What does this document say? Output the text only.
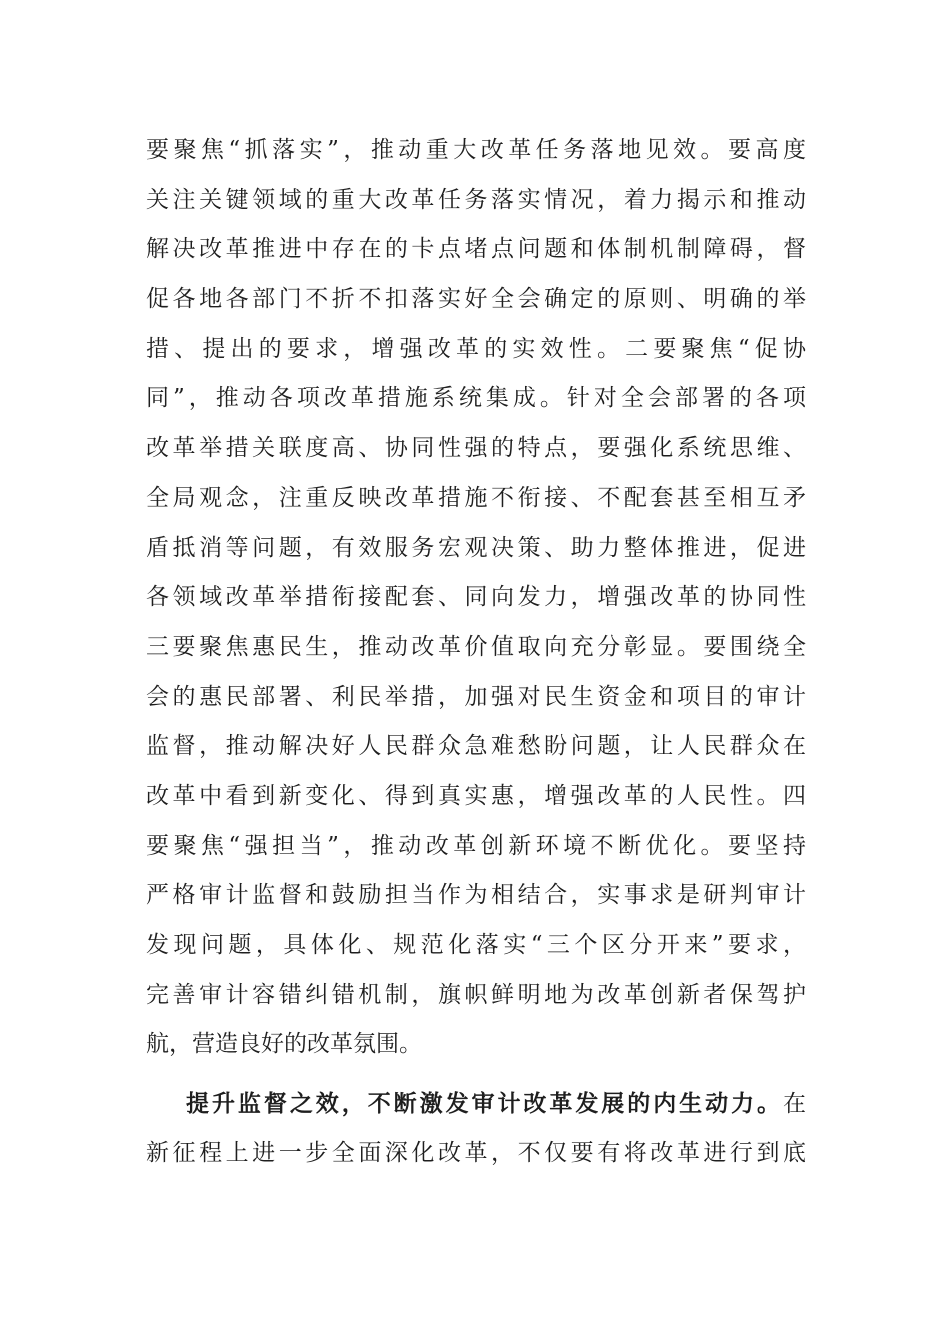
要聚焦“抓落实”，推动重大改革任务落地见效。要高度
关注关键领域的重大改革任务落实情况，着力揭示和推动
解决改革推进中存在的卡点堵点问题和体制机制障碍，督
促各地各部门不折不扣落实好全会确定的原则、明确的举
措、提出的要求，增强改革的实效性。二要聚焦“促协
同”，推动各项改革措施系统集成。针对全会部署的各项
改革举措关联度高、协同性强的特点，要强化系统思维、
全局观念，注重反映改革措施不衔接、不配套甚至相互矛
盾抵消等问题，有效服务宏观决策、助力整体推进，促进
各领域改革举措衔接配套、同向发力，增强改革的协同性
三要聚焦惠民生，推动改革价值取向充分彰显。要围绕全
会的惠民部署、利民举措，加强对民生资金和项目的审计
监督，推动解决好人民群众急难愁盼问题，让人民群众在
改革中看到新变化、得到真实惠，增强改革的人民性。四
要聚焦“强担当”，推动改革创新环境不断优化。要坚持
严格审计监督和鼓励担当作为相结合，实事求是研判审计
发现问题，具体化、规范化落实“三个区分开来”要求，
完善审计容错纠错机制，旗帜鲜明地为改革创新者保驾护
航，营造良好的改革氛围。
提升监督之效，不断激发审计改革发展的内生动力。在
新征程上进一步全面深化改革，不仅要有将改革进行到底
